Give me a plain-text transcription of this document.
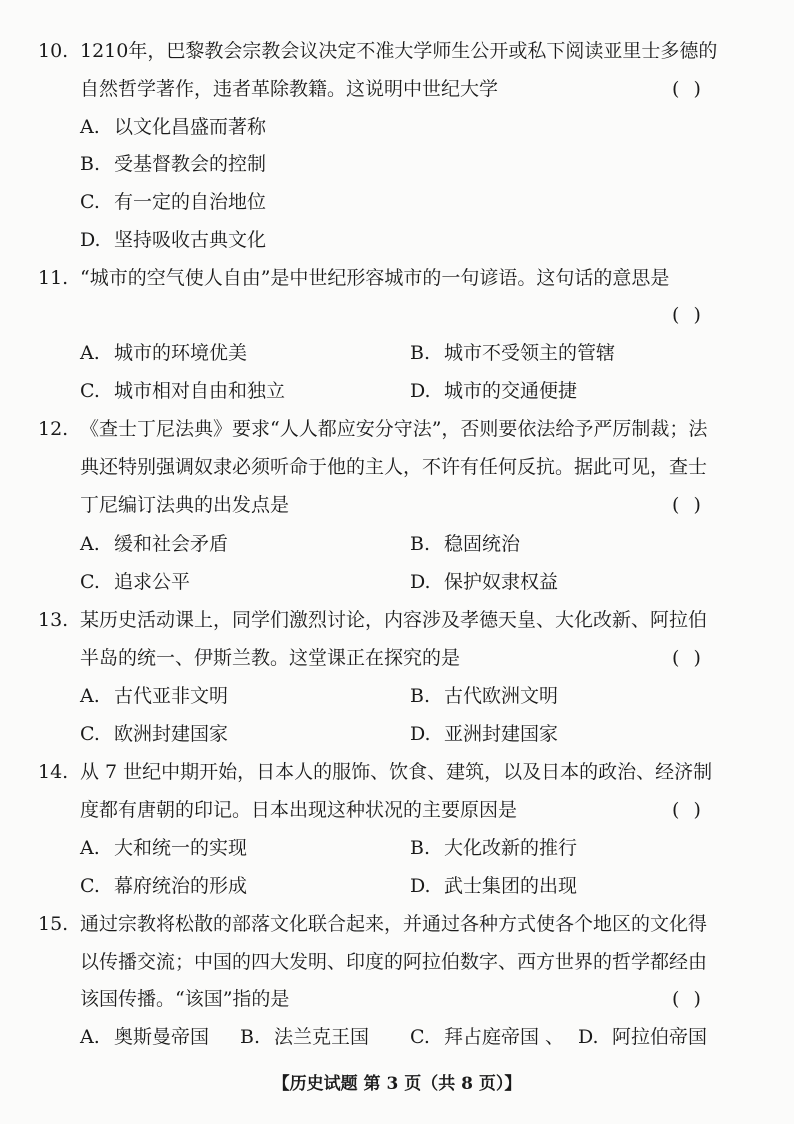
10. 1210年，巴黎教会宗教会议决定不准大学师生公开或私下阅读亚里士多德的
自然哲学著作，违者革除教籍。这说明中世纪大学	( )
A. 以文化昌盛而著称
B. 受基督教会的控制
C. 有一定的自治地位
D. 坚持吸收古典文化
11. “城市的空气使人自由”是中世纪形容城市的一句谚语。这句话的意思是
( )
A. 城市的环境优美	B. 城市不受领主的管辖
C. 城市相对自由和独立	D. 城市的交通便捷
12. 《查士丁尼法典》要求“人人都应安分守法”，否则要依法给予严厉制裁；法
典还特别强调奴隶必须听命于他的主人，不许有任何反抗。据此可见，查士
丁尼编订法典的出发点是	( )
A. 缓和社会矛盾	B. 稳固统治
C. 追求公平	D. 保护奴隶权益
13. 某历史活动课上，同学们激烈讨论，内容涉及孝德天皇、大化改新、阿拉伯
半岛的统一、伊斯兰教。这堂课正在探究的是	( )
A. 古代亚非文明	B. 古代欧洲文明
C. 欧洲封建国家	D. 亚洲封建国家
14. 从 7 世纪中期开始，日本人的服饰、饮食、建筑，以及日本的政治、经济制
度都有唐朝的印记。日本出现这种状况的主要原因是	( )
A. 大和统一的实现	B. 大化改新的推行
C. 幕府统治的形成	D. 武士集团的出现
15. 通过宗教将松散的部落文化联合起来，并通过各种方式使各个地区的文化得
以传播交流；中国的四大发明、印度的阿拉伯数字、西方世界的哲学都经由
该国传播。“该国”指的是	( )
A. 奥斯曼帝国 B. 法兰克王国 C. 拜占庭帝国 、 D. 阿拉伯帝国
【历史试题 第 3 页（共 8 页）】
